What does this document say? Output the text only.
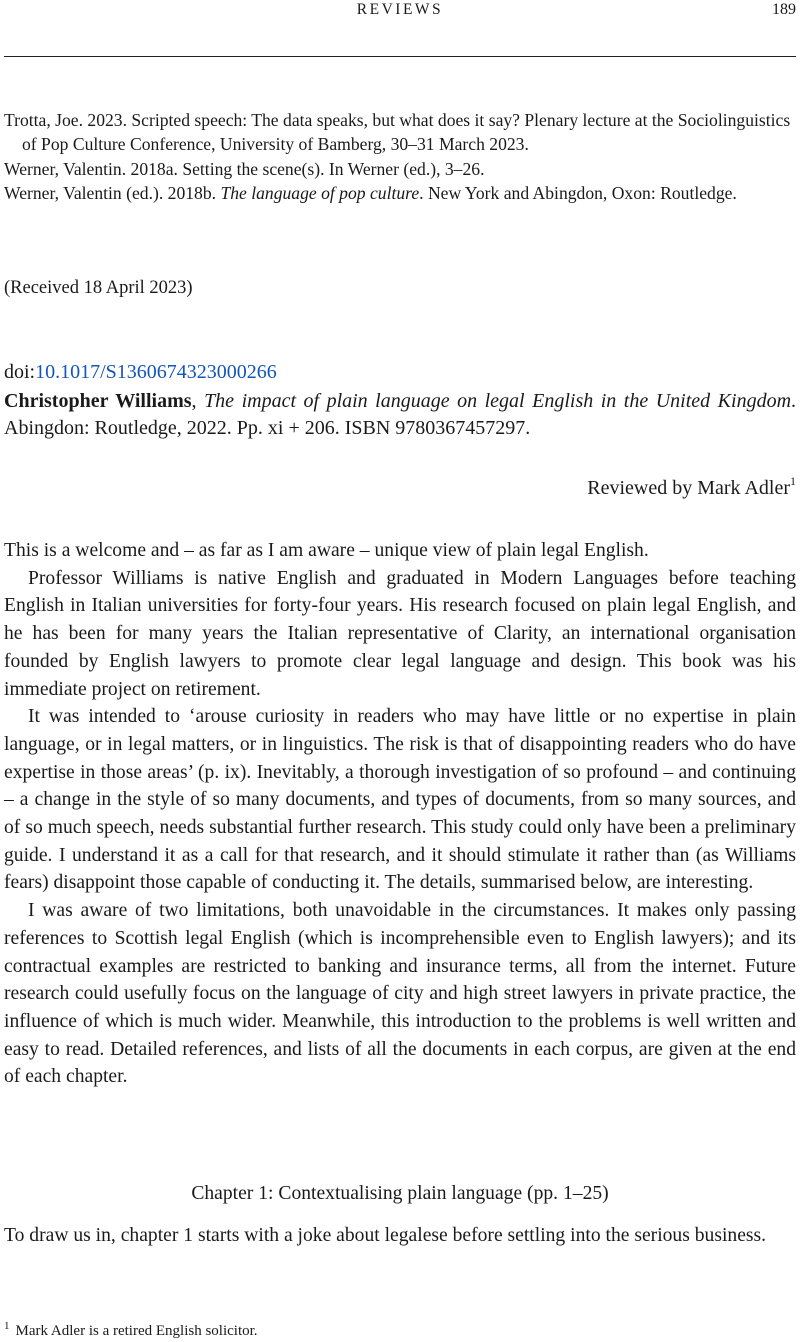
REVIEWS	189

Trotta, Joe. 2023. Scripted speech: The data speaks, but what does it say? Plenary lecture at the Sociolinguistics of Pop Culture Conference, University of Bamberg, 30–31 March 2023.

Werner, Valentin. 2018a. Setting the scene(s). In Werner (ed.), 3–26.

Werner, Valentin (ed.). 2018b. The language of pop culture. New York and Abingdon, Oxon: Routledge.

(Received 18 April 2023)
doi:10.1017/S1360674323000266

Christopher Williams, The impact of plain language on legal English in the United Kingdom. Abingdon: Routledge, 2022. Pp. xi + 206. ISBN 9780367457297.

Reviewed by Mark Adler$^1$

This is a welcome and – as far as I am aware – unique view of plain legal English.

Professor Williams is native English and graduated in Modern Languages before teaching English in Italian universities for forty-four years. His research focused on plain legal English, and he has been for many years the Italian representative of Clarity, an international organisation founded by English lawyers to promote clear legal language and design. This book was his immediate project on retirement.

It was intended to ‘arouse curiosity in readers who may have little or no expertise in plain language, or in legal matters, or in linguistics. The risk is that of disappointing readers who do have expertise in those areas’ (p. ix). Inevitably, a thorough investigation of so profound – and continuing – a change in the style of so many documents, and types of documents, from so many sources, and of so much speech, needs substantial further research. This study could only have been a preliminary guide. I understand it as a call for that research, and it should stimulate it rather than (as Williams fears) disappoint those capable of conducting it. The details, summarised below, are interesting.

I was aware of two limitations, both unavoidable in the circumstances. It makes only passing references to Scottish legal English (which is incomprehensible even to English lawyers); and its contractual examples are restricted to banking and insurance terms, all from the internet. Future research could usefully focus on the language of city and high street lawyers in private practice, the influence of which is much wider. Meanwhile, this introduction to the problems is well written and easy to read. Detailed references, and lists of all the documents in each corpus, are given at the end of each chapter.

Chapter 1: Contextualising plain language (pp. 1–25)

To draw us in, chapter 1 starts with a joke about legalese before settling into the serious business.

$^1$ Mark Adler is a retired English solicitor.
